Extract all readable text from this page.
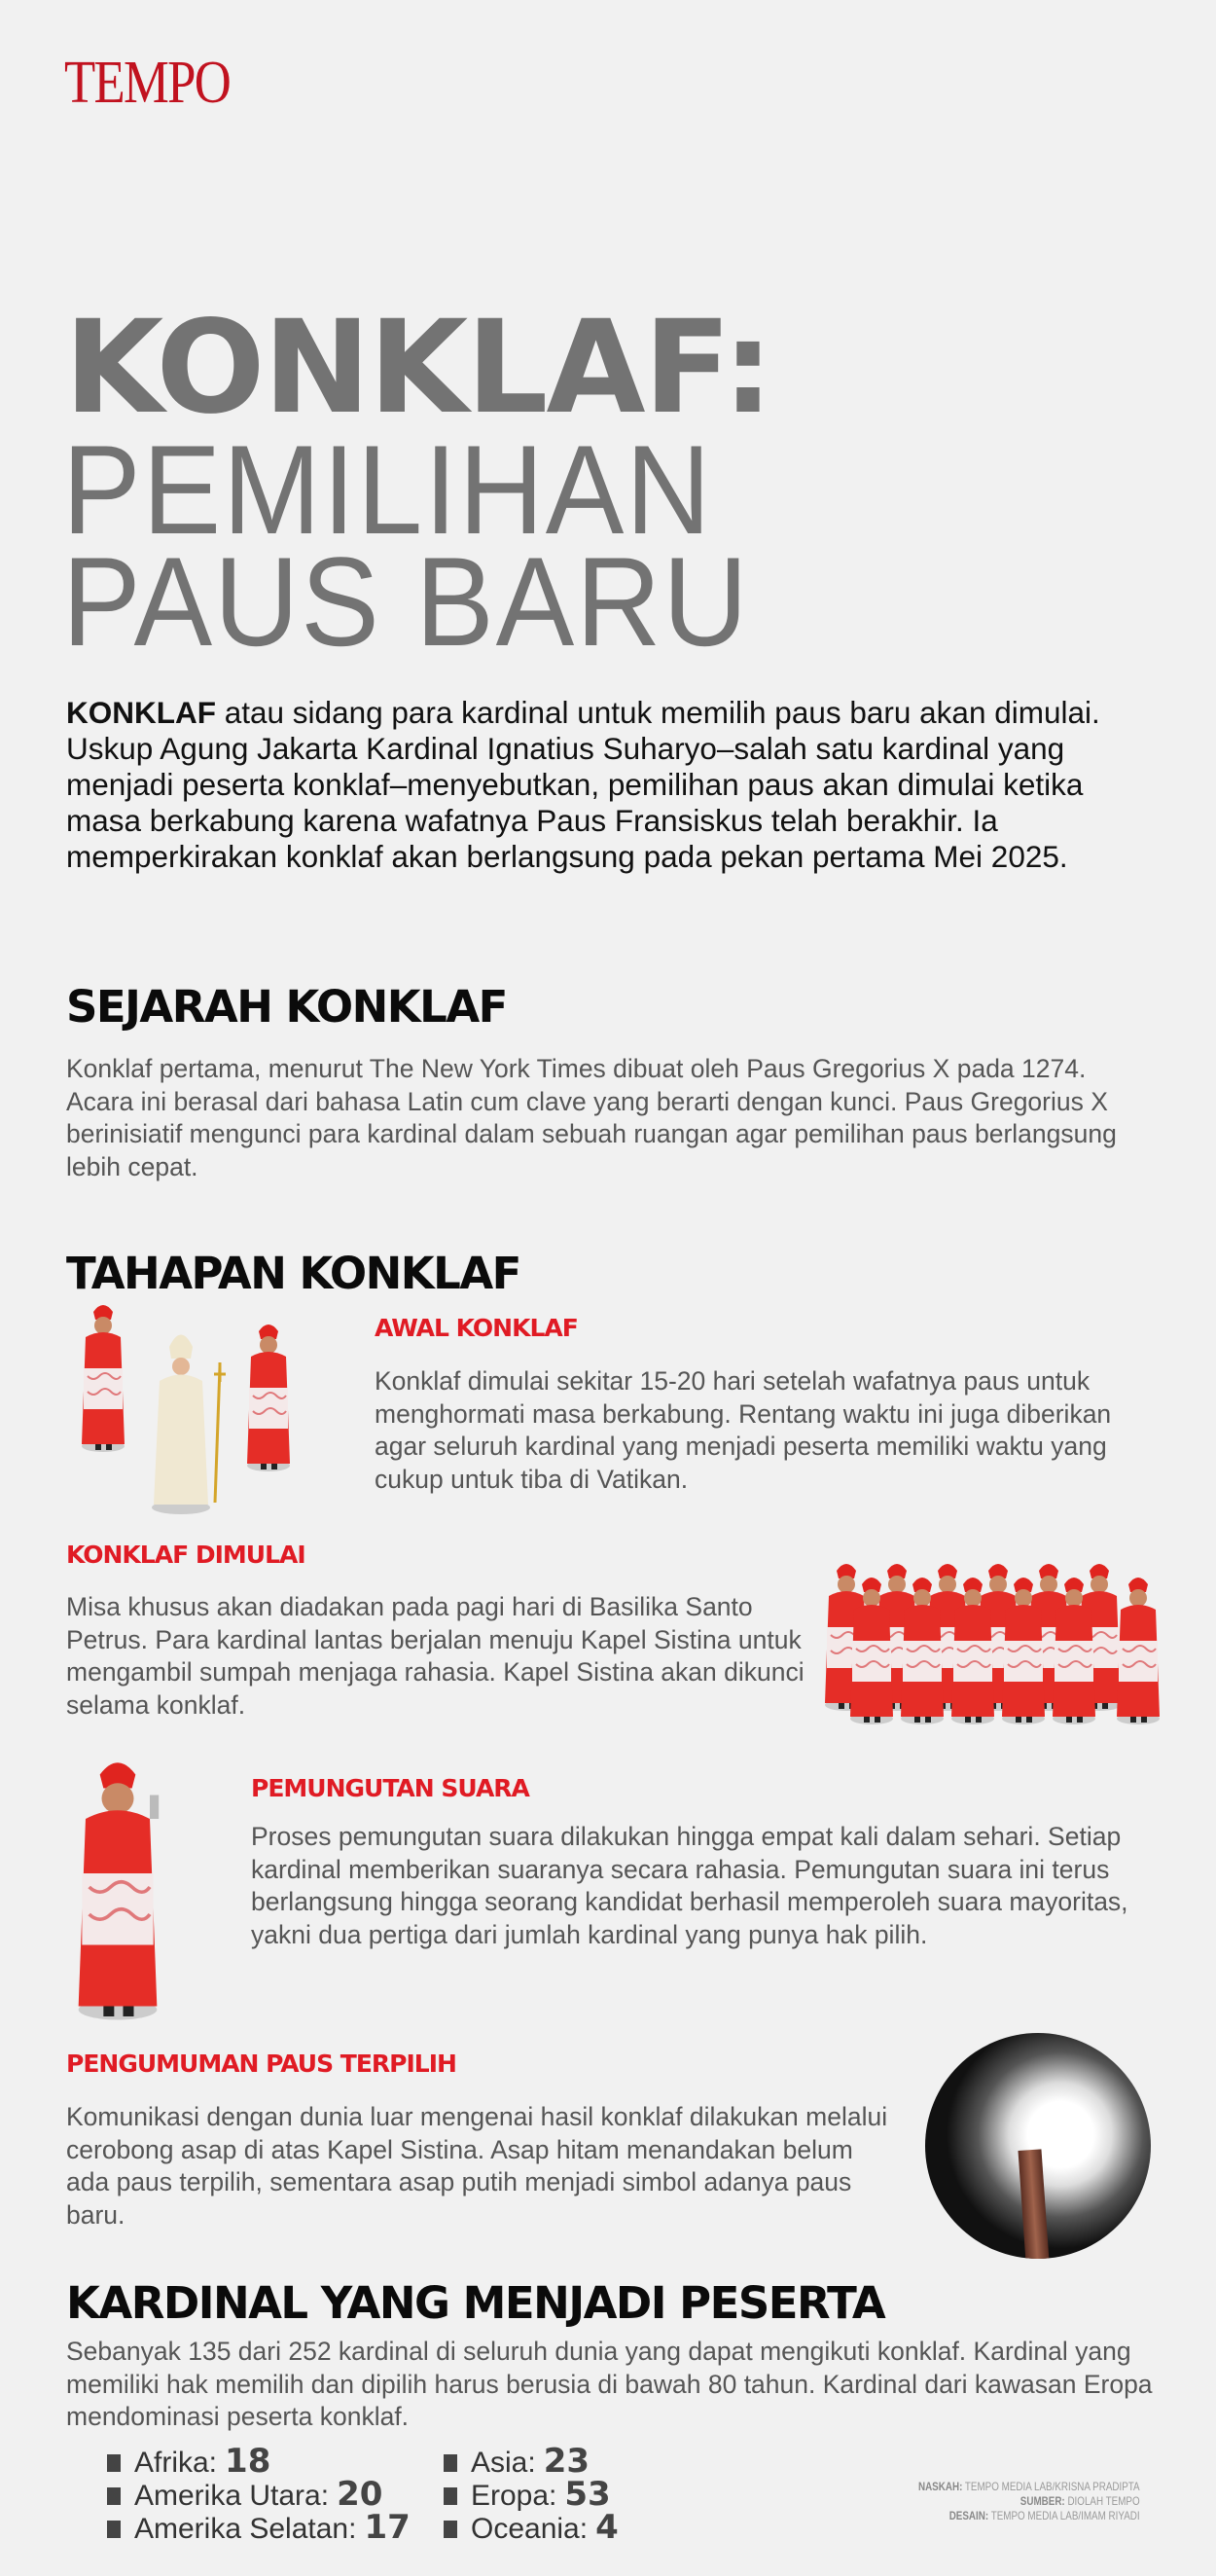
TEMPO
KONKLAF:
PEMILIHAN
PAUS BARU
KONKLAF atau sidang para kardinal untuk memilih paus baru akan dimulai. Uskup Agung Jakarta Kardinal Ignatius Suharyo–salah satu kardinal yang menjadi peserta konklaf–menyebutkan, pemilihan paus akan dimulai ketika masa berkabung karena wafatnya Paus Fransiskus telah berakhir. Ia memperkirakan konklaf akan berlangsung pada pekan pertama Mei 2025.
SEJARAH KONKLAF
Konklaf pertama, menurut The New York Times dibuat oleh Paus Gregorius X pada 1274. Acara ini berasal dari bahasa Latin cum clave yang berarti dengan kunci. Paus Gregorius X berinisiatif mengunci para kardinal dalam sebuah ruangan agar pemilihan paus berlangsung lebih cepat.
TAHAPAN KONKLAF
AWAL KONKLAF
Konklaf dimulai sekitar 15-20 hari setelah wafatnya paus untuk menghormati masa berkabung. Rentang waktu ini juga diberikan agar seluruh kardinal yang menjadi peserta memiliki waktu yang cukup untuk tiba di Vatikan.
KONKLAF DIMULAI
Misa khusus akan diadakan pada pagi hari di Basilika Santo Petrus. Para kardinal lantas berjalan menuju Kapel Sistina untuk mengambil sumpah menjaga rahasia. Kapel Sistina akan dikunci selama konklaf.
PEMUNGUTAN SUARA
Proses pemungutan suara dilakukan hingga empat kali dalam sehari. Setiap kardinal memberikan suaranya secara rahasia. Pemungutan suara ini terus berlangsung hingga seorang kandidat berhasil memperoleh suara mayoritas, yakni dua pertiga dari jumlah kardinal yang punya hak pilih.
PENGUMUMAN PAUS TERPILIH
Komunikasi dengan dunia luar mengenai hasil konklaf dilakukan melalui cerobong asap di atas Kapel Sistina. Asap hitam menandakan belum ada paus terpilih, sementara asap putih menjadi simbol adanya paus baru.
KARDINAL YANG MENJADI PESERTA
Sebanyak 135 dari 252 kardinal di seluruh dunia yang dapat mengikuti konklaf. Kardinal yang memiliki hak memilih dan dipilih harus berusia di bawah 80 tahun. Kardinal dari kawasan Eropa mendominasi peserta konklaf.
Afrika: 18
Amerika Utara: 20
Amerika Selatan: 17
Asia: 23
Eropa: 53
Oceania: 4
NASKAH: TEMPO MEDIA LAB/KRISNA PRADIPTA
SUMBER: DIOLAH TEMPO
DESAIN: TEMPO MEDIA LAB/IMAM RIYADI
